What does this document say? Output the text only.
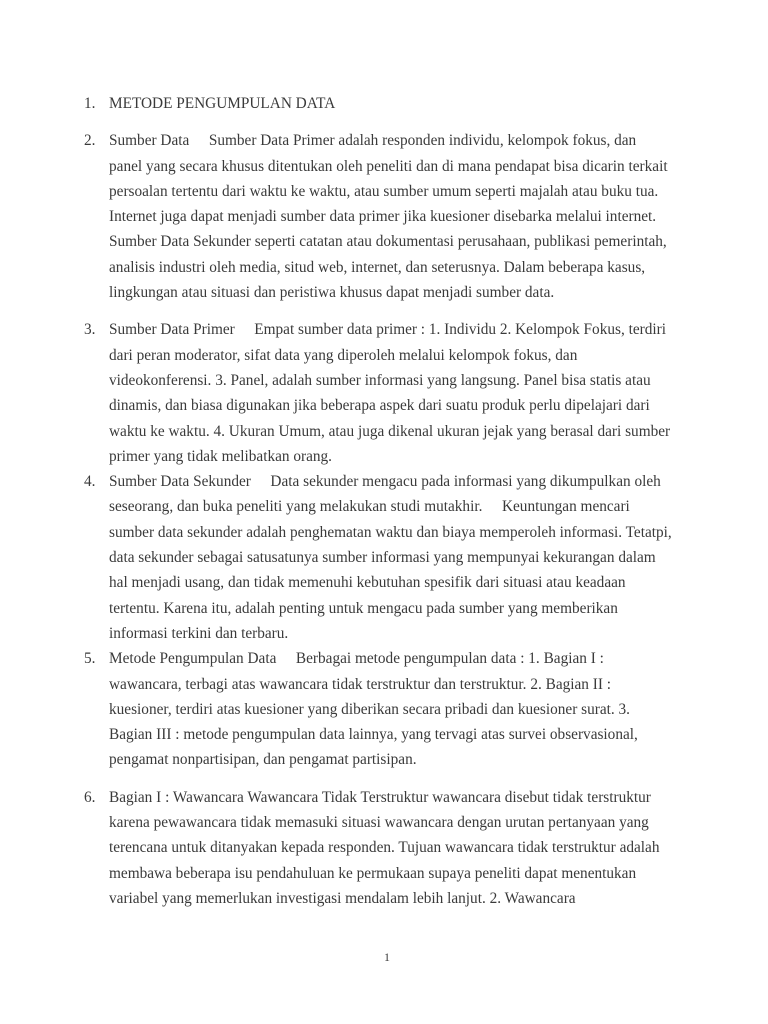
1. METODE PENGUMPULAN DATA
2. Sumber Data Sumber Data Primer adalah responden individu, kelompok fokus, dan panel yang secara khusus ditentukan oleh peneliti dan di mana pendapat bisa dicarin terkait persoalan tertentu dari waktu ke waktu, atau sumber umum seperti majalah atau buku tua. Internet juga dapat menjadi sumber data primer jika kuesioner disebarka melalui internet. Sumber Data Sekunder seperti catatan atau dokumentasi perusahaan, publikasi pemerintah, analisis industri oleh media, situd web, internet, dan seterusnya. Dalam beberapa kasus, lingkungan atau situasi dan peristiwa khusus dapat menjadi sumber data.
3. Sumber Data Primer Empat sumber data primer : 1. Individu 2. Kelompok Fokus, terdiri dari peran moderator, sifat data yang diperoleh melalui kelompok fokus, dan videokonferensi. 3. Panel, adalah sumber informasi yang langsung. Panel bisa statis atau dinamis, dan biasa digunakan jika beberapa aspek dari suatu produk perlu dipelajari dari waktu ke waktu. 4. Ukuran Umum, atau juga dikenal ukuran jejak yang berasal dari sumber primer yang tidak melibatkan orang.
4. Sumber Data Sekunder Data sekunder mengacu pada informasi yang dikumpulkan oleh seseorang, dan buka peneliti yang melakukan studi mutakhir. Keuntungan mencari sumber data sekunder adalah penghematan waktu dan biaya memperoleh informasi. Tetatpi, data sekunder sebagai satusatunya sumber informasi yang mempunyai kekurangan dalam hal menjadi usang, dan tidak memenuhi kebutuhan spesifik dari situasi atau keadaan tertentu. Karena itu, adalah penting untuk mengacu pada sumber yang memberikan informasi terkini dan terbaru.
5. Metode Pengumpulan Data Berbagai metode pengumpulan data : 1. Bagian I : wawancara, terbagi atas wawancara tidak terstruktur dan terstruktur. 2. Bagian II : kuesioner, terdiri atas kuesioner yang diberikan secara pribadi dan kuesioner surat. 3. Bagian III : metode pengumpulan data lainnya, yang tervagi atas survei observasional, pengamat nonpartisipan, dan pengamat partisipan.
6. Bagian I : Wawancara Wawancara Tidak Terstruktur wawancara disebut tidak terstruktur karena pewawancara tidak memasuki situasi wawancara dengan urutan pertanyaan yang terencana untuk ditanyakan kepada responden. Tujuan wawancara tidak terstruktur adalah membawa beberapa isu pendahuluan ke permukaan supaya peneliti dapat menentukan variabel yang memerlukan investigasi mendalam lebih lanjut. 2. Wawancara
1
